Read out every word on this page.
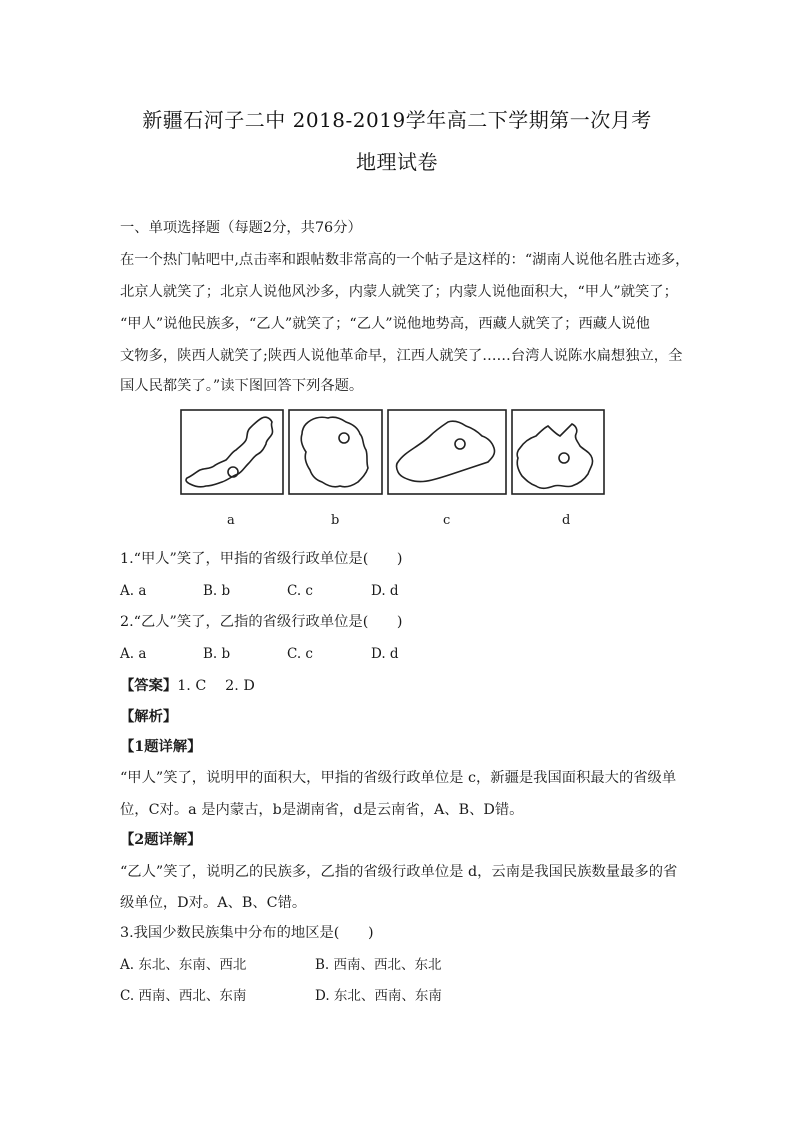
新疆石河子二中 2018-2019学年高二下学期第一次月考
地理试卷
一、单项选择题（每题2分，共76分）
在一个热门帖吧中,点击率和跟帖数非常高的一个帖子是这样的：“湖南人说他名胜古迹多，
北京人就笑了；北京人说他风沙多，内蒙人就笑了；内蒙人说他面积大，“甲人”就笑了；
“甲人”说他民族多，“乙人”就笑了；“乙人”说他地势高，西藏人就笑了；西藏人说他
文物多，陕西人就笑了;陕西人说他革命早，江西人就笑了……台湾人说陈水扁想独立，全
国人民都笑了。”读下图回答下列各题。
a	b	c	d
1.“甲人”笑了，甲指的省级行政单位是(　　)
A. a	B. b	C. c	D. d
2.“乙人”笑了，乙指的省级行政单位是(　　)
A. a	B. b	C. c	D. d
【答案】1. C　 2. D
【解析】
【1题详解】
“甲人”笑了，说明甲的面积大，甲指的省级行政单位是 c，新疆是我国面积最大的省级单
位，C对。a 是内蒙古，b是湖南省，d是云南省，A、B、D错。
【2题详解】
“乙人”笑了，说明乙的民族多，乙指的省级行政单位是 d，云南是我国民族数量最多的省
级单位，D对。A、B、C错。
3.我国少数民族集中分布的地区是(　　)
A. 东北、东南、西北	B. 西南、西北、东北
C. 西南、西北、东南	D. 东北、西南、东南
